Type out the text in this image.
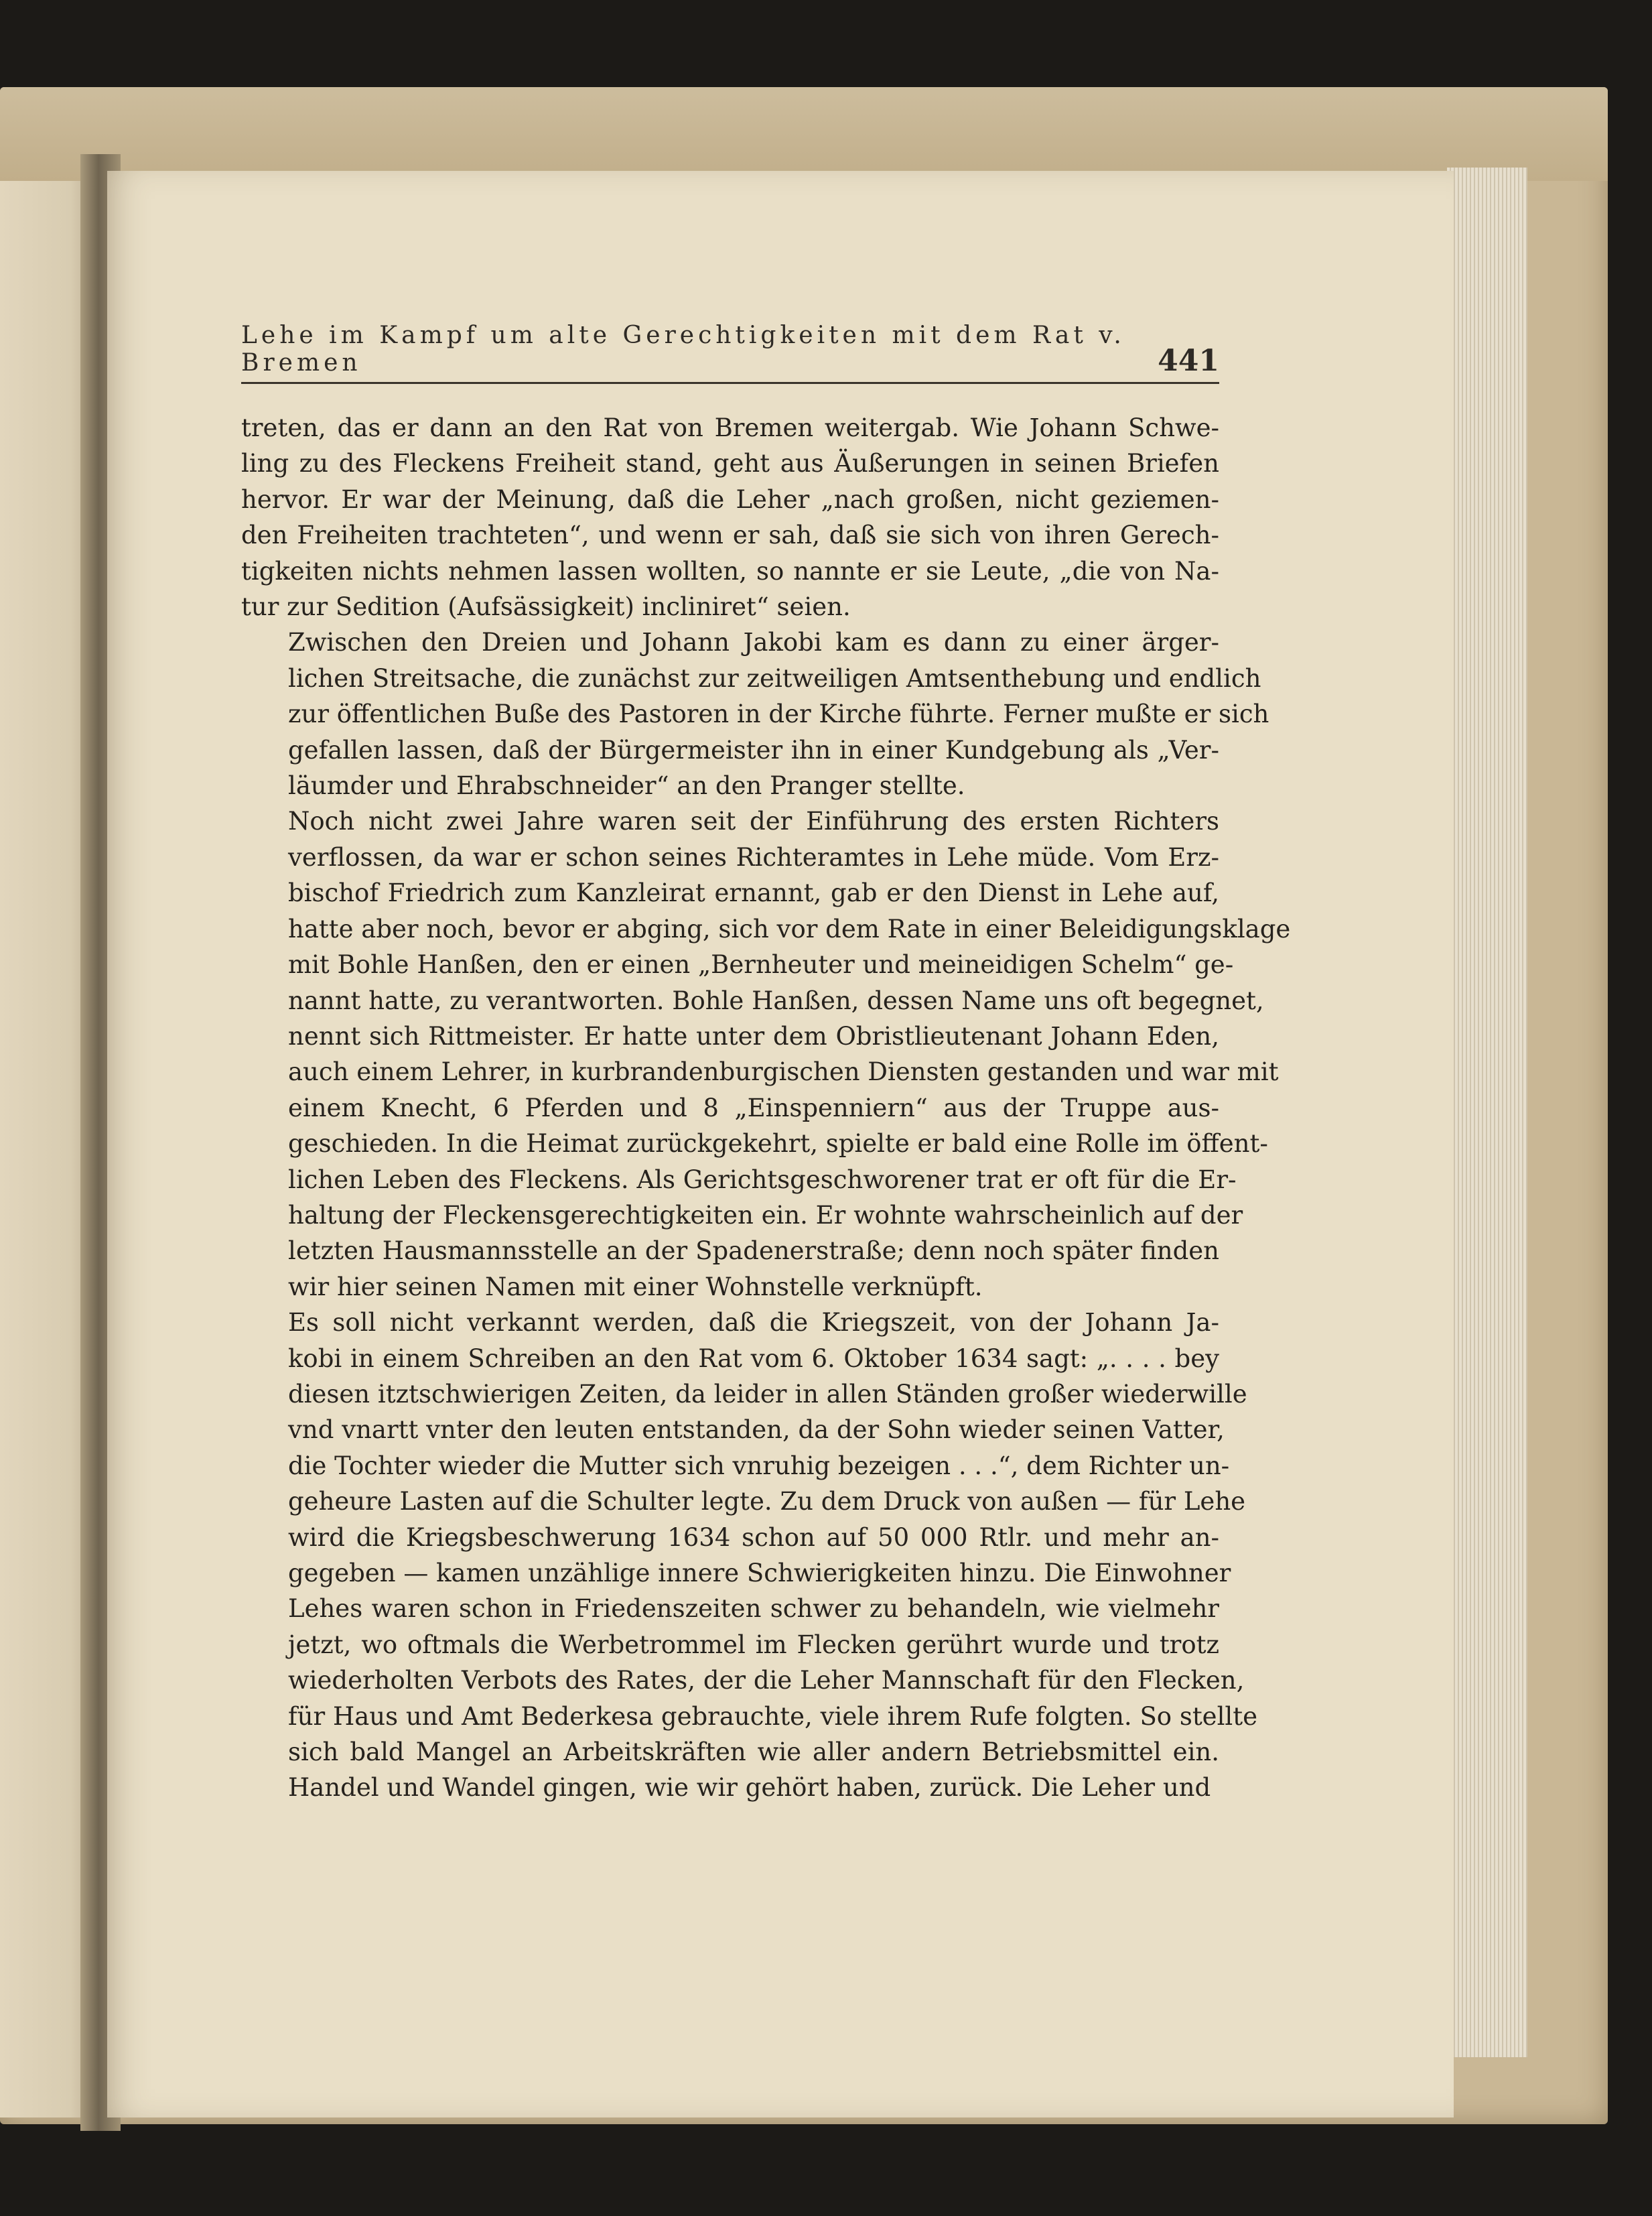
Lehe im Kampf um alte Gerechtigkeiten mit dem Rat v. Bremen	441

treten, das er dann an den Rat von Bremen weitergab. Wie Johann Schwe-
ling zu des Fleckens Freiheit stand, geht aus Äußerungen in seinen Briefen
hervor. Er war der Meinung, daß die Leher „nach großen, nicht geziemen-
den Freiheiten trachteten“, und wenn er sah, daß sie sich von ihren Gerech-
tigkeiten nichts nehmen lassen wollten, so nannte er sie Leute, „die von Na-
tur zur Sedition (Aufsässigkeit) incliniret“ seien.

Zwischen den Dreien und Johann Jakobi kam es dann zu einer ärger-
lichen Streitsache, die zunächst zur zeitweiligen Amtsenthebung und endlich
zur öffentlichen Buße des Pastoren in der Kirche führte. Ferner mußte er sich
gefallen lassen, daß der Bürgermeister ihn in einer Kundgebung als „Ver-
läumder und Ehrabschneider“ an den Pranger stellte.

Noch nicht zwei Jahre waren seit der Einführung des ersten Richters
verflossen, da war er schon seines Richteramtes in Lehe müde. Vom Erz-
bischof Friedrich zum Kanzleirat ernannt, gab er den Dienst in Lehe auf,
hatte aber noch, bevor er abging, sich vor dem Rate in einer Beleidigungsklage
mit Bohle Hanßen, den er einen „Bernheuter und meineidigen Schelm“ ge-
nannt hatte, zu verantworten. Bohle Hanßen, dessen Name uns oft begegnet,
nennt sich Rittmeister. Er hatte unter dem Obristlieutenant Johann Eden,
auch einem Lehrer, in kurbrandenburgischen Diensten gestanden und war mit
einem Knecht, 6 Pferden und 8 „Einspenniern“ aus der Truppe aus-
geschieden. In die Heimat zurückgekehrt, spielte er bald eine Rolle im öffent-
lichen Leben des Fleckens. Als Gerichtsgeschworener trat er oft für die Er-
haltung der Fleckensgerechtigkeiten ein. Er wohnte wahrscheinlich auf der
letzten Hausmannsstelle an der Spadenerstraße; denn noch später finden
wir hier seinen Namen mit einer Wohnstelle verknüpft.

Es soll nicht verkannt werden, daß die Kriegszeit, von der Johann Ja-
kobi in einem Schreiben an den Rat vom 6. Oktober 1634 sagt: „. . . . bey
diesen itztschwierigen Zeiten, da leider in allen Ständen großer wiederwille
vnd vnartt vnter den leuten entstanden, da der Sohn wieder seinen Vatter,
die Tochter wieder die Mutter sich vnruhig bezeigen . . .“, dem Richter un-
geheure Lasten auf die Schulter legte. Zu dem Druck von außen — für Lehe
wird die Kriegsbeschwerung 1634 schon auf 50 000 Rtlr. und mehr an-
gegeben — kamen unzählige innere Schwierigkeiten hinzu. Die Einwohner
Lehes waren schon in Friedenszeiten schwer zu behandeln, wie vielmehr
jetzt, wo oftmals die Werbetrommel im Flecken gerührt wurde und trotz
wiederholten Verbots des Rates, der die Leher Mannschaft für den Flecken,
für Haus und Amt Bederkesa gebrauchte, viele ihrem Rufe folgten. So stellte
sich bald Mangel an Arbeitskräften wie aller andern Betriebsmittel ein.
Handel und Wandel gingen, wie wir gehört haben, zurück. Die Leher und
